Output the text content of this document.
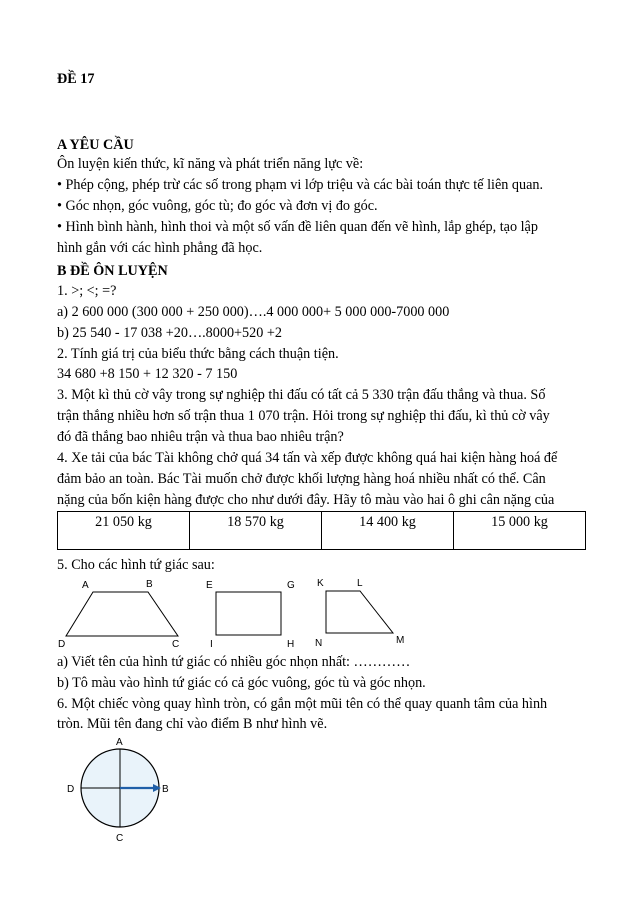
ĐỀ 17
A YÊU CẦU
Ôn luyện kiến thức, kĩ năng và phát triển năng lực về:
• Phép cộng, phép trừ các số trong phạm vi lớp triệu và các bài toán thực tế liên quan.
• Góc nhọn, góc vuông, góc tù; đo góc và đơn vị đo góc.
• Hình bình hành, hình thoi và một số vấn đề liên quan đến vẽ hình, lắp ghép, tạo lập
hình gắn với các hình phẳng đã học.
B ĐỀ ÔN LUYỆN
1. >; <; =?
a) 2 600 000 (300 000 + 250 000)….4 000 000+ 5 000 000-7000 000
b) 25 540 - 17 038 +20….8000+520 +2
2. Tính giá trị của biểu thức bằng cách thuận tiện.
34 680 +8 150 + 12 320 - 7 150
3. Một kì thủ cờ vây trong sự nghiệp thi đấu có tất cả 5 330 trận đấu thắng và thua. Số
trận thắng nhiều hơn số trận thua 1 070 trận. Hỏi trong sự nghiệp thi đấu, kì thủ cờ vây
đó đã thắng bao nhiêu trận và thua bao nhiêu trận?
4. Xe tải của bác Tài không chở quá 34 tấn và xếp được không quá hai kiện hàng hoá để
đảm bảo an toàn. Bác Tài muốn chở được khối lượng hàng hoá nhiều nhất có thể. Cân
nặng của bốn kiện hàng được cho như dưới đây. Hãy tô màu vào hai ô ghi cân nặng của
21 050 kg	18 570 kg	14 400 kg	15 000 kg
5. Cho các hình tứ giác sau:
A	B
C
D
E	G
H
I
K	L
M
N
a) Viết tên của hình tứ giác có nhiều góc nhọn nhất: …………
b) Tô màu vào hình tứ giác có cả góc vuông, góc tù và góc nhọn.
6. Một chiếc vòng quay hình tròn, có gắn một mũi tên có thể quay quanh tâm của hình
tròn. Mũi tên đang chỉ vào điểm B như hình vẽ.
A
B
C
D
